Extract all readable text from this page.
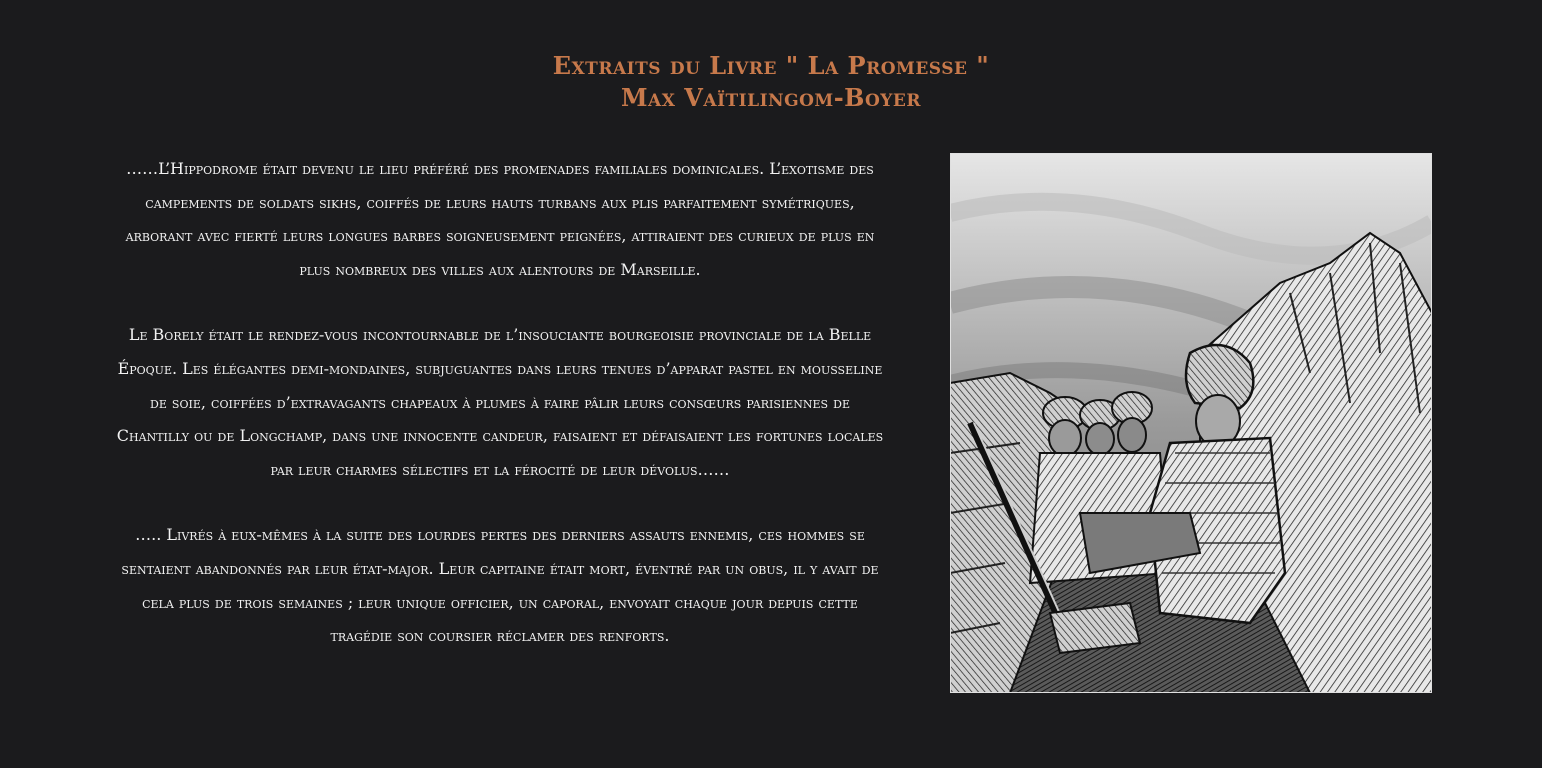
Extraits du Livre " La Promesse "
Max Vaïtilingom-Boyer

……L’Hippodrome était devenu le lieu préféré des promenades familiales dominicales. L’exotisme des campements de soldats sikhs, coiffés de leurs hauts turbans aux plis parfaitement symétriques, arborant avec fierté leurs longues barbes soigneusement peignées, attiraient des curieux de plus en plus nombreux des villes aux alentours de Marseille.

Le Borely était le rendez-vous incontournable de l’insouciante bourgeoisie provinciale de la Belle Époque. Les élégantes demi-mondaines, subjuguantes dans leurs tenues d’apparat pastel en mousseline de soie, coiffées d’extravagants chapeaux à plumes à faire pâlir leurs consœurs parisiennes de Chantilly ou de Longchamp, dans une innocente candeur, faisaient et défaisaient les fortunes locales par leur charmes sélectifs et la férocité de leur dévolus……

….. Livrés à eux-mêmes à la suite des lourdes pertes des derniers assauts ennemis, ces hommes se sentaient abandonnés par leur état-major. Leur capitaine était mort, éventré par un obus, il y avait de cela plus de trois semaines ; leur unique officier, un caporal, envoyait chaque jour depuis cette tragédie son coursier réclamer des renforts.
